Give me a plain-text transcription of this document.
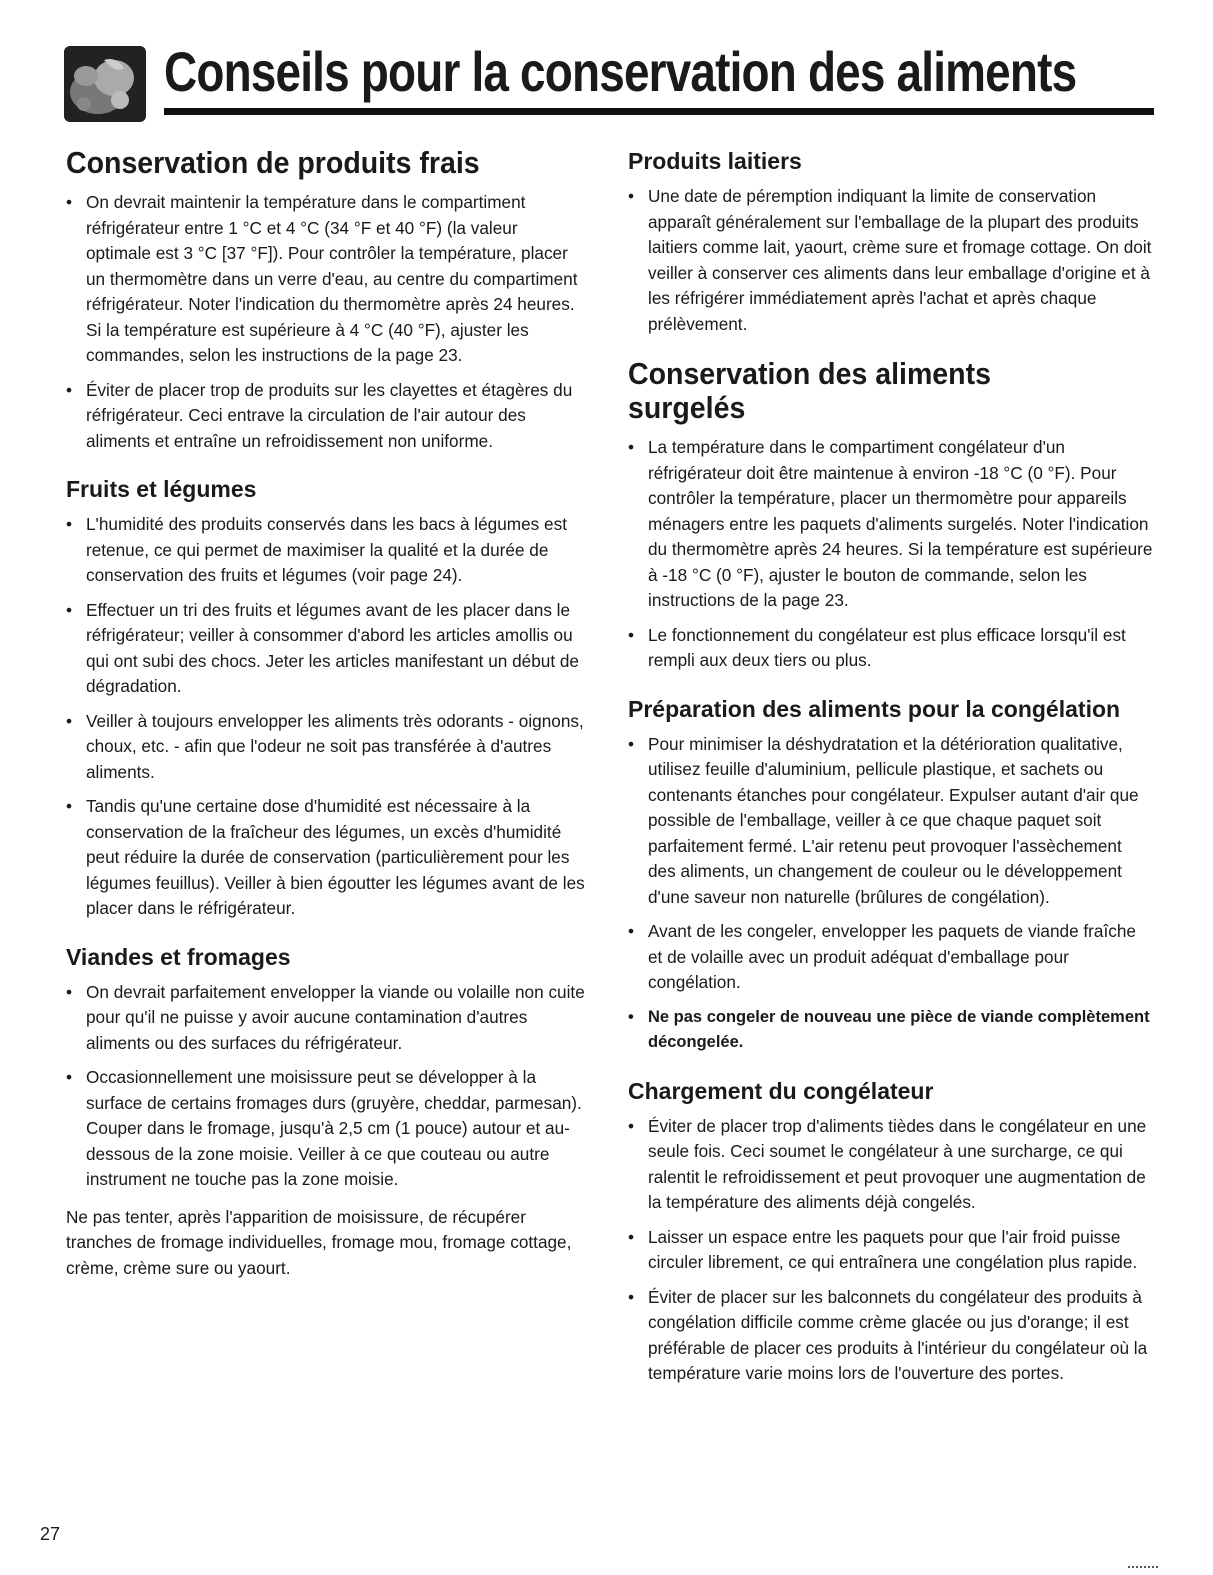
Conseils pour la conservation des aliments
Conservation de produits frais
• On devrait maintenir la température dans le compartiment réfrigérateur entre 1 °C et 4 °C (34 °F et 40 °F) (la valeur optimale est 3 °C [37 °F]). Pour contrôler la température, placer un thermomètre dans un verre d'eau, au centre du compartiment réfrigérateur. Noter l'indication du thermomètre après 24 heures. Si la température est supérieure à 4 °C (40 °F), ajuster les commandes, selon les instructions de la page 23.
• Éviter de placer trop de produits sur les clayettes et étagères du réfrigérateur. Ceci entrave la circulation de l'air autour des aliments et entraîne un refroidissement non uniforme.
Fruits et légumes
• L'humidité des produits conservés dans les bacs à légumes est retenue, ce qui permet de maximiser la qualité et la durée de conservation des fruits et légumes (voir page 24).
• Effectuer un tri des fruits et légumes avant de les placer dans le réfrigérateur; veiller à consommer d'abord les articles amollis ou qui ont subi des chocs. Jeter les articles manifestant un début de dégradation.
• Veiller à toujours envelopper les aliments très odorants - oignons, choux, etc. - afin que l'odeur ne soit pas transférée à d'autres aliments.
• Tandis qu'une certaine dose d'humidité est nécessaire à la conservation de la fraîcheur des légumes, un excès d'humidité peut réduire la durée de conservation (particulièrement pour les légumes feuillus). Veiller à bien égoutter les légumes avant de les placer dans le réfrigérateur.
Viandes et fromages
• On devrait parfaitement envelopper la viande ou volaille non cuite pour qu'il ne puisse y avoir aucune contamination d'autres aliments ou des surfaces du réfrigérateur.
• Occasionnellement une moisissure peut se développer à la surface de certains fromages durs (gruyère, cheddar, parmesan). Couper dans le fromage, jusqu'à 2,5 cm (1 pouce) autour et au-dessous de la zone moisie. Veiller à ce que couteau ou autre instrument ne touche pas la zone moisie.

Ne pas tenter, après l'apparition de moisissure, de récupérer tranches de fromage individuelles, fromage mou, fromage cottage, crème, crème sure ou yaourt.

Produits laitiers
• Une date de péremption indiquant la limite de conservation apparaît généralement sur l'emballage de la plupart des produits laitiers comme lait, yaourt, crème sure et fromage cottage. On doit veiller à conserver ces aliments dans leur emballage d'origine et à les réfrigérer immédiatement après l'achat et après chaque prélèvement.
Conservation des aliments surgelés
• La température dans le compartiment congélateur d'un réfrigérateur doit être maintenue à environ -18 °C (0 °F). Pour contrôler la température, placer un thermomètre pour appareils ménagers entre les paquets d'aliments surgelés. Noter l'indication du thermomètre après 24 heures. Si la température est supérieure à -18 °C (0 °F), ajuster le bouton de commande, selon les instructions de la page 23.
• Le fonctionnement du congélateur est plus efficace lorsqu'il est rempli aux deux tiers ou plus.
Préparation des aliments pour la congélation
• Pour minimiser la déshydratation et la détérioration qualitative, utilisez feuille d'aluminium, pellicule plastique, et sachets ou contenants étanches pour congélateur. Expulser autant d'air que possible de l'emballage, veiller à ce que chaque paquet soit parfaitement fermé. L'air retenu peut provoquer l'assèchement des aliments, un changement de couleur ou le développement d'une saveur non naturelle (brûlures de congélation).
• Avant de les congeler, envelopper les paquets de viande fraîche et de volaille avec un produit adéquat d'emballage pour congélation.
• Ne pas congeler de nouveau une pièce de viande complètement décongelée.
Chargement du congélateur
• Éviter de placer trop d'aliments tièdes dans le congélateur en une seule fois. Ceci soumet le congélateur à une surcharge, ce qui ralentit le refroidissement et peut provoquer une augmentation de la température des aliments déjà congelés.
• Laisser un espace entre les paquets pour que l'air froid puisse circuler librement, ce qui entraînera une congélation plus rapide.
• Éviter de placer sur les balconnets du congélateur des produits à congélation difficile comme crème glacée ou jus d'orange; il est préférable de placer ces produits à l'intérieur du congélateur où la température varie moins lors de l'ouverture des portes.
27
